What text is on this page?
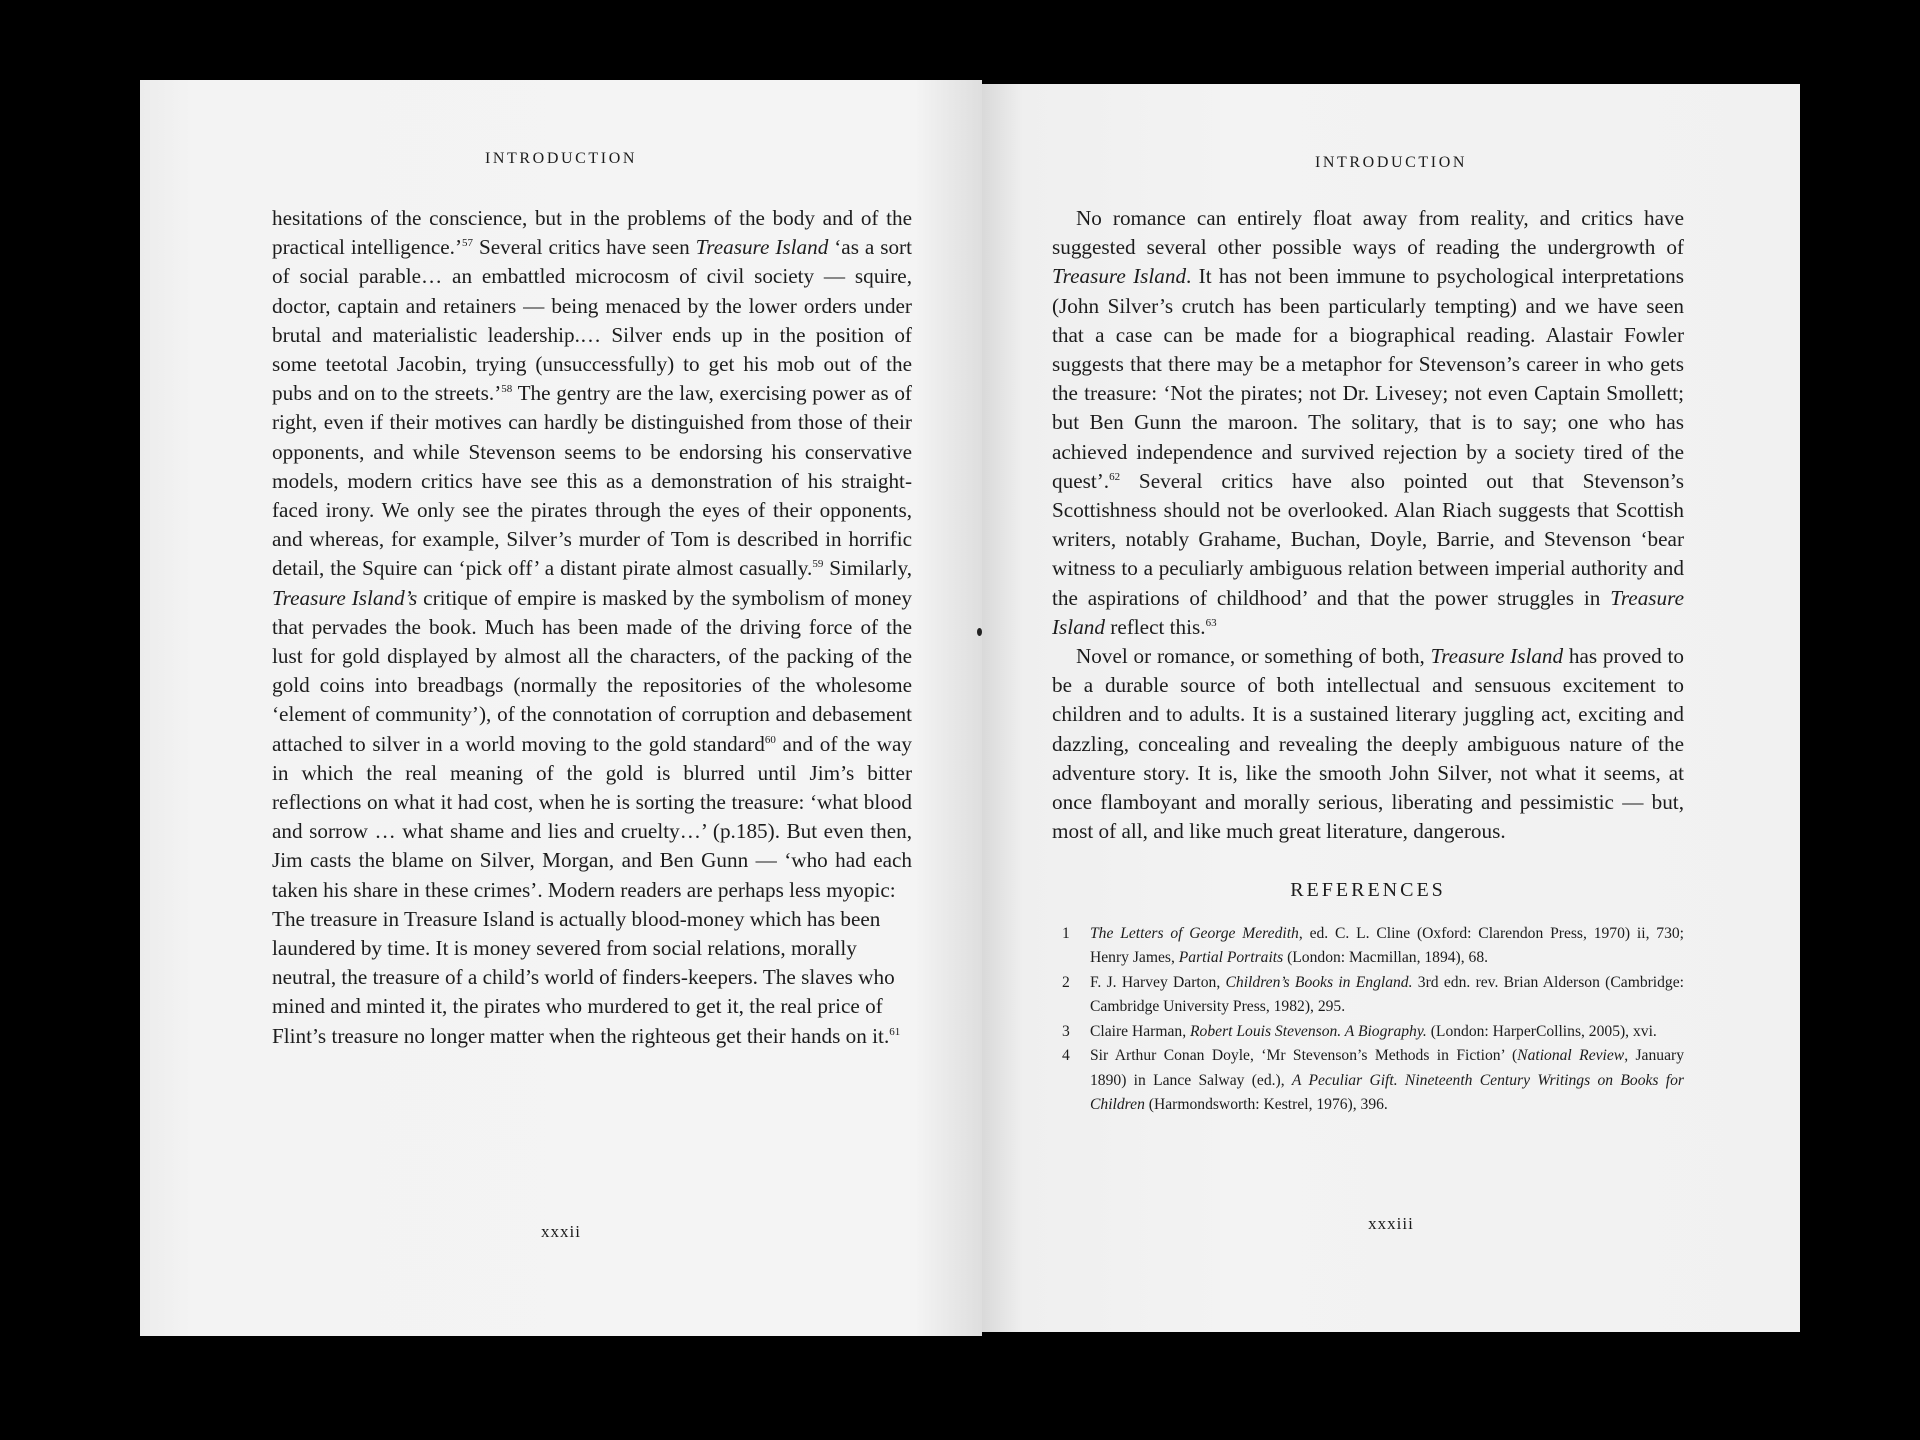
INTRODUCTION

hesitations of the conscience, but in the problems of the body and of the practical intelligence.’$^{57}$ Several critics have seen Treasure Island ‘as a sort of social parable… an embattled microcosm of civil society — squire, doctor, captain and retainers — being menaced by the lower orders under brutal and materialistic leadership.… Silver ends up in the position of some teetotal Jacobin, trying (unsuccessfully) to get his mob out of the pubs and on to the streets.’$^{58}$ The gentry are the law, exercising power as of right, even if their motives can hardly be distinguished from those of their opponents, and while Stevenson seems to be endorsing his conservative models, modern critics have see this as a demonstration of his straight-faced irony. We only see the pirates through the eyes of their opponents, and whereas, for example, Silver’s murder of Tom is described in horrific detail, the Squire can ‘pick off’ a distant pirate almost casually.$^{59}$ Similarly, Treasure Island’s critique of empire is masked by the symbolism of money that pervades the book. Much has been made of the driving force of the lust for gold displayed by almost all the characters, of the packing of the gold coins into breadbags (normally the repositories of the wholesome ‘element of community’), of the connotation of corruption and debasement attached to silver in a world moving to the gold standard$^{60}$ and of the way in which the real meaning of the gold is blurred until Jim’s bitter reflections on what it had cost, when he is sorting the treasure: ‘what blood and sorrow … what shame and lies and cruelty…’ (p.185). But even then, Jim casts the blame on Silver, Morgan, and Ben Gunn — ‘who had each taken his share in these crimes’. Modern readers are perhaps less myopic:

The treasure in Treasure Island is actually blood-money which has been laundered by time. It is money severed from social relations, morally neutral, the treasure of a child’s world of finders-keepers. The slaves who mined and minted it, the pirates who murdered to get it, the real price of Flint’s treasure no longer matter when the righteous get their hands on it.$^{61}$

xxxii
INTRODUCTION

No romance can entirely float away from reality, and critics have suggested several other possible ways of reading the undergrowth of Treasure Island. It has not been immune to psychological interpretations (John Silver’s crutch has been particularly tempting) and we have seen that a case can be made for a biographical reading. Alastair Fowler suggests that there may be a metaphor for Stevenson’s career in who gets the treasure: ‘Not the pirates; not Dr. Livesey; not even Captain Smollett; but Ben Gunn the maroon. The solitary, that is to say; one who has achieved independence and survived rejection by a society tired of the quest’.$^{62}$ Several critics have also pointed out that Stevenson’s Scottishness should not be overlooked. Alan Riach suggests that Scottish writers, notably Grahame, Buchan, Doyle, Barrie, and Stevenson ‘bear witness to a peculiarly ambiguous relation between imperial authority and the aspirations of childhood’ and that the power struggles in Treasure Island reflect this.$^{63}$

Novel or romance, or something of both, Treasure Island has proved to be a durable source of both intellectual and sensuous excitement to children and to adults. It is a sustained literary juggling act, exciting and dazzling, concealing and revealing the deeply ambiguous nature of the adventure story. It is, like the smooth John Silver, not what it seems, at once flamboyant and morally serious, liberating and pessimistic — but, most of all, and like much great literature, dangerous.

REFERENCES
1	The Letters of George Meredith, ed. C. L. Cline (Oxford: Clarendon Press, 1970) ii, 730; Henry James, Partial Portraits (London: Macmillan, 1894), 68.
2	F. J. Harvey Darton, Children’s Books in England. 3rd edn. rev. Brian Alderson (Cambridge: Cambridge University Press, 1982), 295.
3	Claire Harman, Robert Louis Stevenson. A Biography. (London: HarperCollins, 2005), xvi.
4	Sir Arthur Conan Doyle, ‘Mr Stevenson’s Methods in Fiction’ (National Review, January 1890) in Lance Salway (ed.), A Peculiar Gift. Nineteenth Century Writings on Books for Children (Harmondsworth: Kestrel, 1976), 396.
xxxiii
